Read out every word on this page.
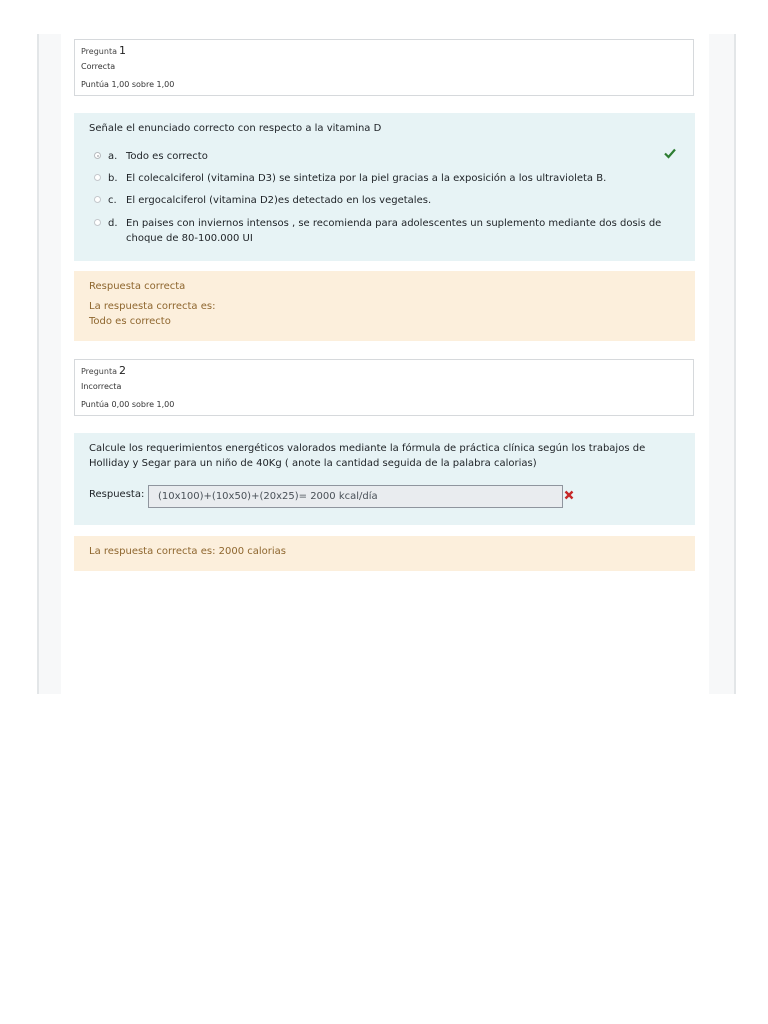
Pregunta 1
Correcta
Puntúa 1,00 sobre 1,00
Señale el enunciado correcto con respecto a la vitamina D
a. Todo es correcto
b. El colecalciferol (vitamina D3) se sintetiza por la piel gracias a la exposición a los ultravioleta B.
c. El ergocalciferol (vitamina D2)es detectado en los vegetales.
d. En paises con inviernos intensos , se recomienda para adolescentes un suplemento mediante dos dosis de choque de 80-100.000 UI
Respuesta correcta
La respuesta correcta es:
Todo es correcto
Pregunta 2
Incorrecta
Puntúa 0,00 sobre 1,00
Calcule los requerimientos energéticos valorados mediante la fórmula de práctica clínica según los trabajos de Holliday y Segar para un niño de 40Kg ( anote la cantidad seguida de la palabra calorias)
Respuesta:	(10x100)+(10x50)+(20x25)= 2000 kcal/día
La respuesta correcta es: 2000 calorias
